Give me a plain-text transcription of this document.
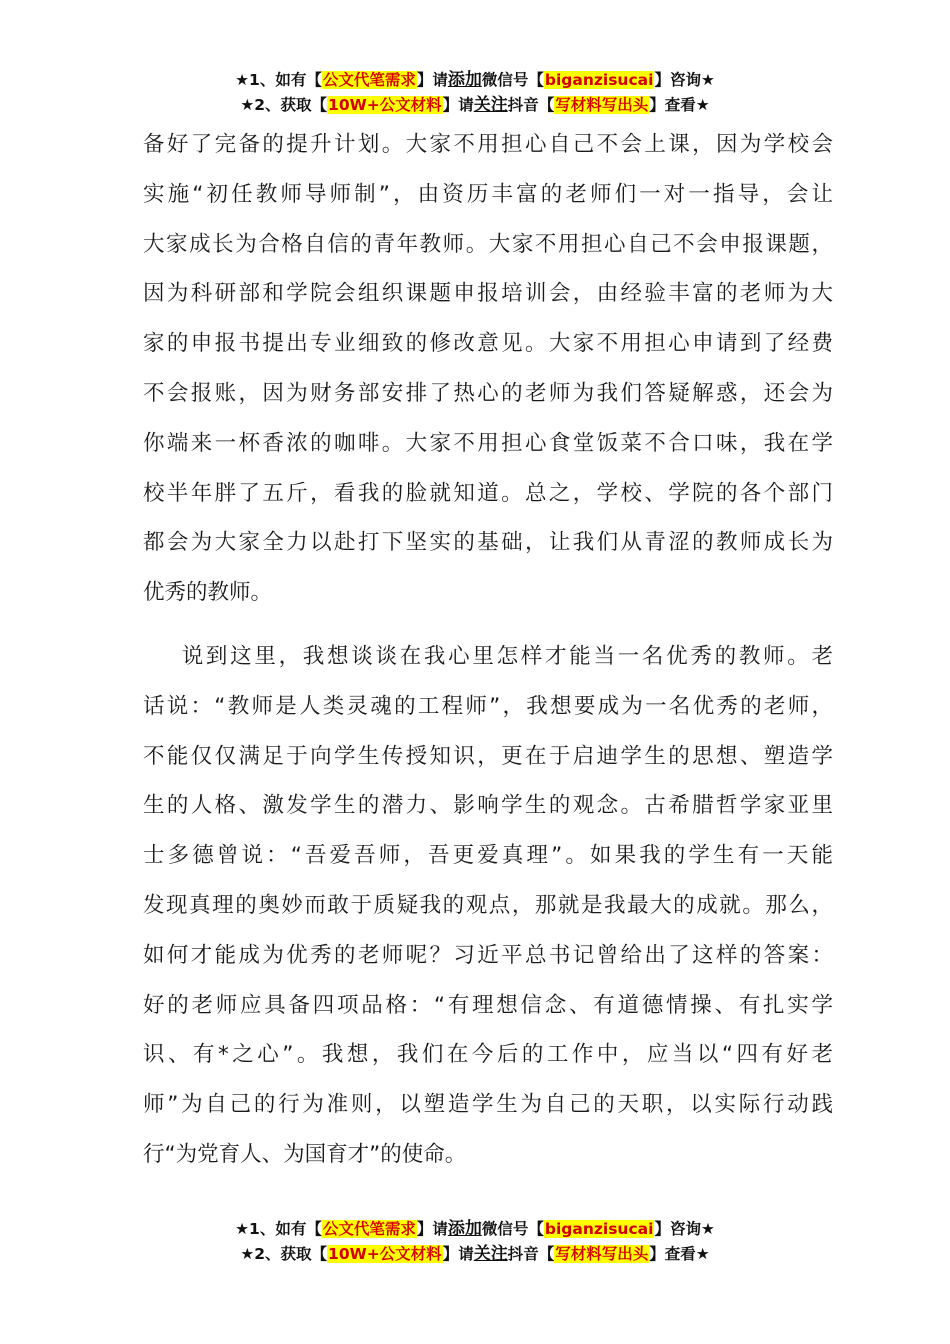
★1、如有【公文代笔需求】请添加微信号【biganzisucai】咨询★
★2、获取【10W+公文材料】请关注抖音【写材料写出头】查看★

备好了完备的提升计划。大家不用担心自己不会上课，因为学校会
实施“初任教师导师制”，由资历丰富的老师们一对一指导，会让
大家成长为合格自信的青年教师。大家不用担心自己不会申报课题，
因为科研部和学院会组织课题申报培训会，由经验丰富的老师为大
家的申报书提出专业细致的修改意见。大家不用担心申请到了经费
不会报账，因为财务部安排了热心的老师为我们答疑解惑，还会为
你端来一杯香浓的咖啡。大家不用担心食堂饭菜不合口味，我在学
校半年胖了五斤，看我的脸就知道。总之，学校、学院的各个部门
都会为大家全力以赴打下坚实的基础，让我们从青涩的教师成长为
优秀的教师。

说到这里，我想谈谈在我心里怎样才能当一名优秀的教师。老
话说：“教师是人类灵魂的工程师”，我想要成为一名优秀的老师，
不能仅仅满足于向学生传授知识，更在于启迪学生的思想、塑造学
生的人格、激发学生的潜力、影响学生的观念。古希腊哲学家亚里
士多德曾说：“吾爱吾师，吾更爱真理”。如果我的学生有一天能
发现真理的奥妙而敢于质疑我的观点，那就是我最大的成就。那么，
如何才能成为优秀的老师呢？习近平总书记曾给出了这样的答案：
好的老师应具备四项品格：“有理想信念、有道德情操、有扎实学
识、有*之心”。我想，我们在今后的工作中，应当以“四有好老
师”为自己的行为准则，以塑造学生为自己的天职，以实际行动践
行“为党育人、为国育才”的使命。

★1、如有【公文代笔需求】请添加微信号【biganzisucai】咨询★
★2、获取【10W+公文材料】请关注抖音【写材料写出头】查看★
